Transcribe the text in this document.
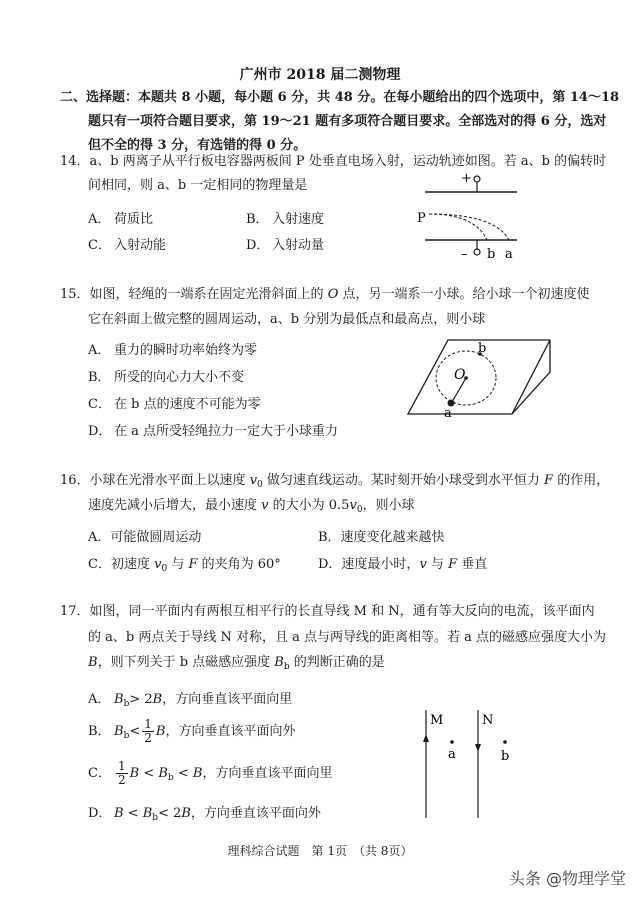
广州市 2018 届二测物理
二、选择题：本题共 8 小题，每小题 6 分，共 48 分。在每小题给出的四个选项中，第 14～18
题只有一项符合题目要求，第 19～21 题有多项符合题目要求。全部选对的得 6 分，选对
但不全的得 3 分，有选错的得 0 分。
14．a、b 两离子从平行板电容器两板间 P 处垂直电场入射，运动轨迹如图。若 a、b 的偏转时
间相同，则 a、b 一定相同的物理量是
A． 荷质比	B． 入射速度
C． 入射动能	D． 入射动量
+
–
P
b a
15．如图，轻绳的一端系在固定光滑斜面上的 O 点，另一端系一小球。给小球一个初速度使
它在斜面上做完整的圆周运动，a、b 分别为最低点和最高点，则小球
A． 重力的瞬时功率始终为零
B． 所受的向心力大小不变
C． 在 b 点的速度不可能为零
D． 在 a 点所受轻绳拉力一定大于小球重力
O
a
b
16．小球在光滑水平面上以速度 $v_0$ 做匀速直线运动。某时刻开始小球受到水平恒力 F 的作用，
速度先减小后增大，最小速度 v 的大小为 $0.5v_0$，则小球
A．可能做圆周运动	B．速度变化越来越快
C．初速度 $v_0$ 与 F 的夹角为 60°	D．速度最小时，v 与 F 垂直
17．如图，同一平面内有两根互相平行的长直导线 M 和 N，通有等大反向的电流，该平面内
的 a、b 两点关于导线 N 对称，且 a 点与两导线的距离相等。若 a 点的磁感应强度大小为
B，则下列关于 b 点磁感应强度 $B_b$ 的判断正确的是
A． $B_b> 2B$，方向垂直该平面向里
B． $B_b< \frac{1}{2}$ B，方向垂直该平面向外
C． $\frac{1}{2}$ $B < B_b < B$，方向垂直该平面向里
D． $B < B_b< 2B$，方向垂直该平面向外
M	N
a	b
理科综合试题　第 1页　（共 8页）
头条 @物理学堂
